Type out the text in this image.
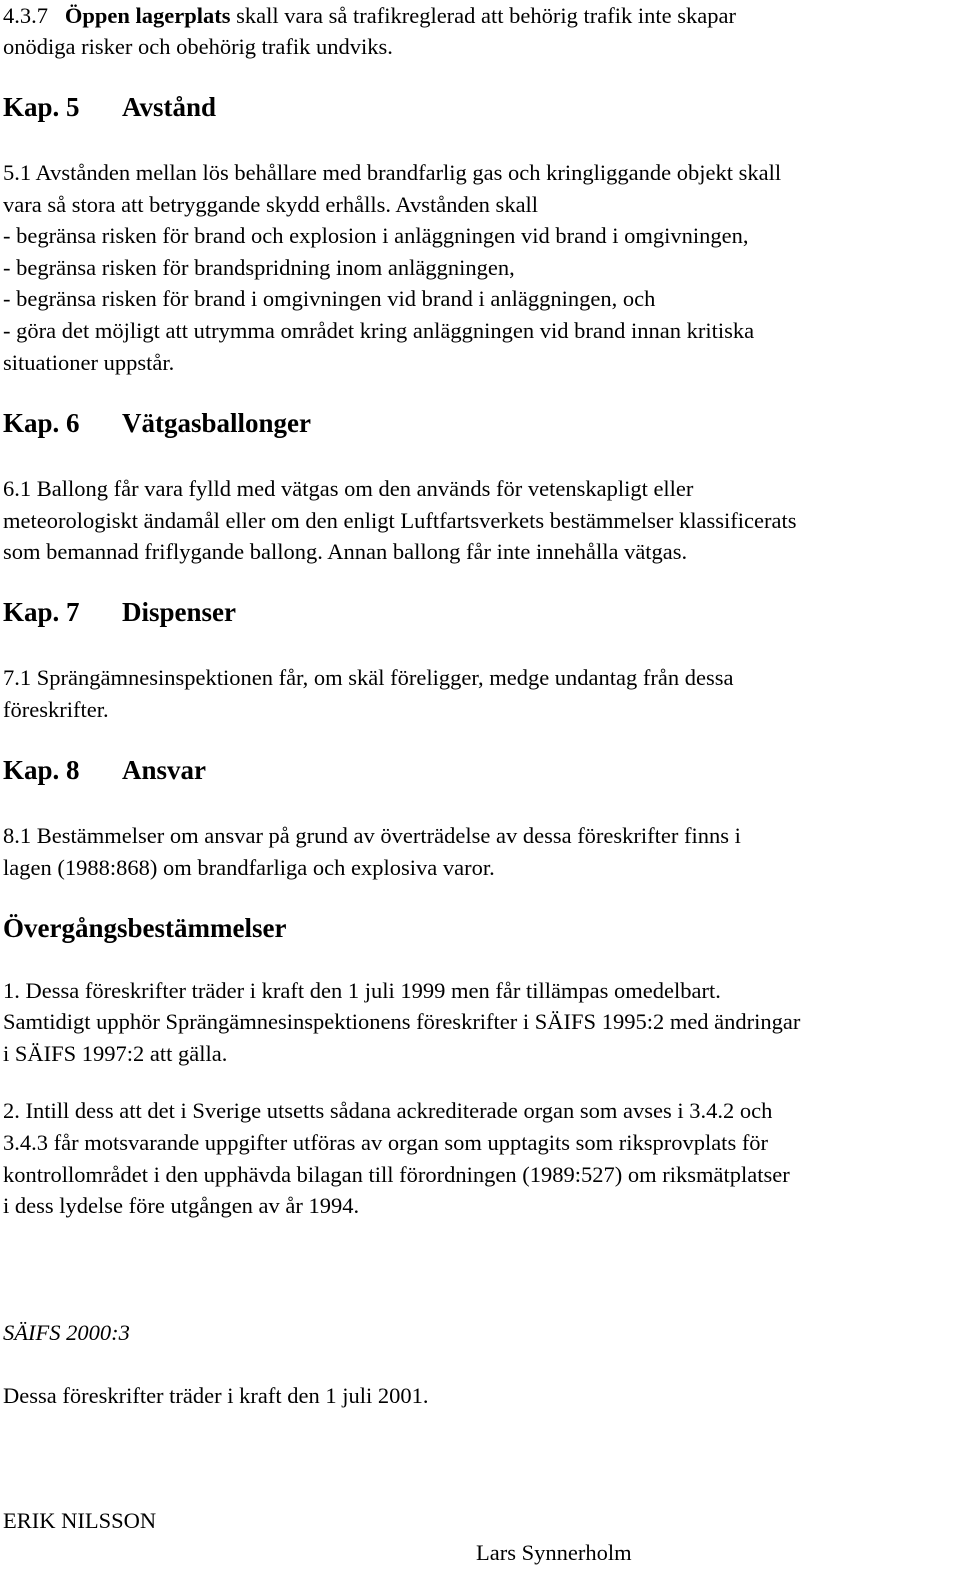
4.3.7 Öppen lagerplats skall vara så trafikreglerad att behörig trafik inte skapar
onödiga risker och obehörig trafik undviks.
Kap. 5 Avstånd
5.1 Avstånden mellan lös behållare med brandfarlig gas och kringliggande objekt skall
vara så stora att betryggande skydd erhålls. Avstånden skall
- begränsa risken för brand och explosion i anläggningen vid brand i omgivningen,
- begränsa risken för brandspridning inom anläggningen,
- begränsa risken för brand i omgivningen vid brand i anläggningen, och
- göra det möjligt att utrymma området kring anläggningen vid brand innan kritiska
situationer uppstår.
Kap. 6 Vätgasballonger
6.1 Ballong får vara fylld med vätgas om den används för vetenskapligt eller
meteorologiskt ändamål eller om den enligt Luftfartsverkets bestämmelser klassificerats
som bemannad friflygande ballong. Annan ballong får inte innehålla vätgas.
Kap. 7 Dispenser
7.1 Sprängämnesinspektionen får, om skäl föreligger, medge undantag från dessa
föreskrifter.
Kap. 8 Ansvar
8.1 Bestämmelser om ansvar på grund av överträdelse av dessa föreskrifter finns i
lagen (1988:868) om brandfarliga och explosiva varor.
Övergångsbestämmelser
1. Dessa föreskrifter träder i kraft den 1 juli 1999 men får tillämpas omedelbart.
Samtidigt upphör Sprängämnesinspektionens föreskrifter i SÄIFS 1995:2 med ändringar
i SÄIFS 1997:2 att gälla.
2. Intill dess att det i Sverige utsetts sådana ackrediterade organ som avses i 3.4.2 och
3.4.3 får motsvarande uppgifter utföras av organ som upptagits som riksprovplats för
kontrollområdet i den upphävda bilagan till förordningen (1989:527) om riksmätplatser
i dess lydelse före utgången av år 1994.
SÄIFS 2000:3
Dessa föreskrifter träder i kraft den 1 juli 2001.
ERIK NILSSON
Lars Synnerholm
